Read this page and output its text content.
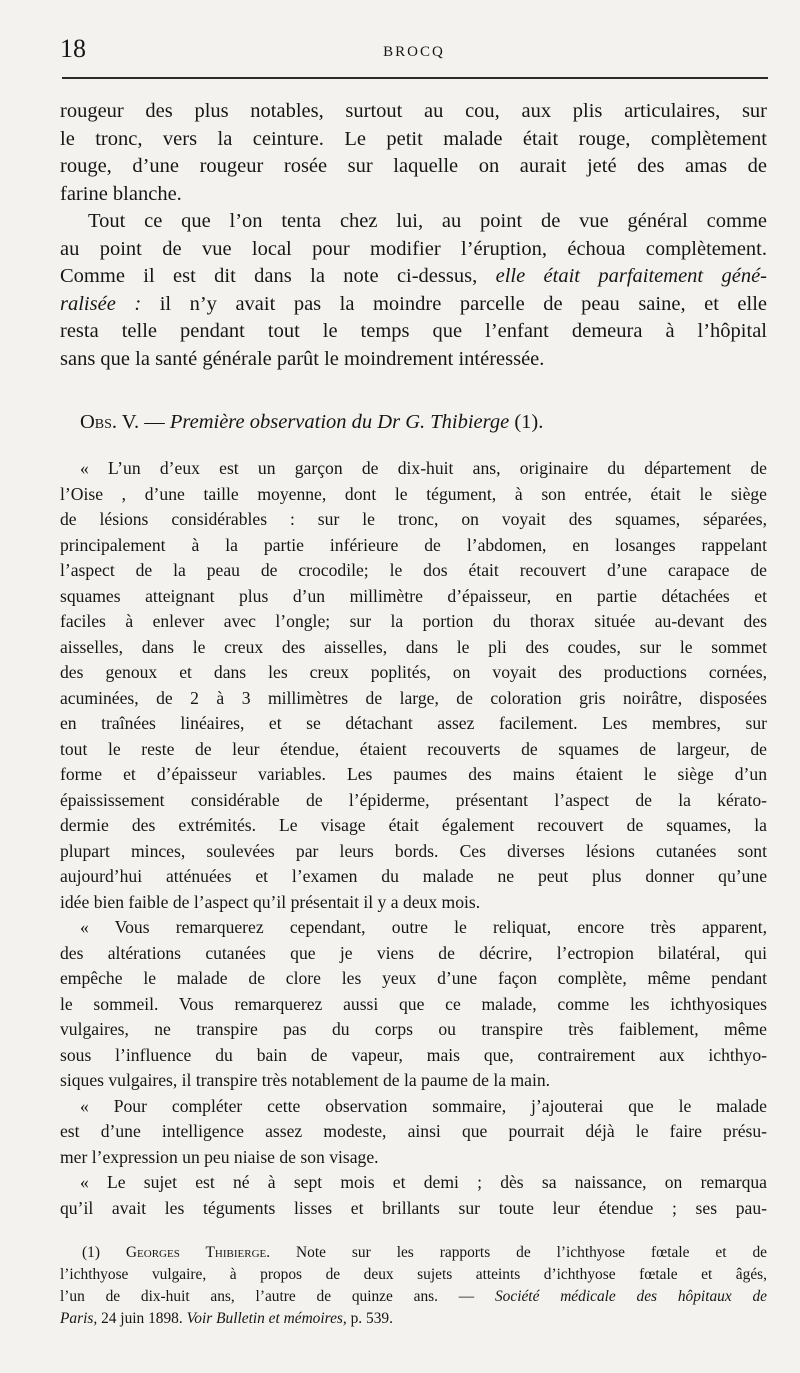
18	BROCQ
rougeur des plus notables, surtout au cou, aux plis articulaires, sur
le tronc, vers la ceinture. Le petit malade était rouge, complètement
rouge, d’une rougeur rosée sur laquelle on aurait jeté des amas de
farine blanche.
Tout ce que l’on tenta chez lui, au point de vue général comme
au point de vue local pour modifier l’éruption, échoua complètement.
Comme il est dit dans la note ci-dessus, elle était parfaitement géné-
ralisée : il n’y avait pas la moindre parcelle de peau saine, et elle
resta telle pendant tout le temps que l’enfant demeura à l’hôpital
sans que la santé générale parût le moindrement intéressée.
Obs. V. — Première observation du Dr G. Thibierge (1).
« L’un d’eux est un garçon de dix-huit ans, originaire du département de
l’Oise , d’une taille moyenne, dont le tégument, à son entrée, était le siège
de lésions considérables : sur le tronc, on voyait des squames, séparées,
principalement à la partie inférieure de l’abdomen, en losanges rappelant
l’aspect de la peau de crocodile; le dos était recouvert d’une carapace de
squames atteignant plus d’un millimètre d’épaisseur, en partie détachées et
faciles à enlever avec l’ongle; sur la portion du thorax située au-devant des
aisselles, dans le creux des aisselles, dans le pli des coudes, sur le sommet
des genoux et dans les creux poplités, on voyait des productions cornées,
acuminées, de 2 à 3 millimètres de large, de coloration gris noirâtre, disposées
en traînées linéaires, et se détachant assez facilement. Les membres, sur
tout le reste de leur étendue, étaient recouverts de squames de largeur, de
forme et d’épaisseur variables. Les paumes des mains étaient le siège d’un
épaississement considérable de l’épiderme, présentant l’aspect de la kérato-
dermie des extrémités. Le visage était également recouvert de squames, la
plupart minces, soulevées par leurs bords. Ces diverses lésions cutanées sont
aujourd’hui atténuées et l’examen du malade ne peut plus donner qu’une
idée bien faible de l’aspect qu’il présentait il y a deux mois.
« Vous remarquerez cependant, outre le reliquat, encore très apparent,
des altérations cutanées que je viens de décrire, l’ectropion bilatéral, qui
empêche le malade de clore les yeux d’une façon complète, même pendant
le sommeil. Vous remarquerez aussi que ce malade, comme les ichthyosiques
vulgaires, ne transpire pas du corps ou transpire très faiblement, même
sous l’influence du bain de vapeur, mais que, contrairement aux ichthyo-
siques vulgaires, il transpire très notablement de la paume de la main.
« Pour compléter cette observation sommaire, j’ajouterai que le malade
est d’une intelligence assez modeste, ainsi que pourrait déjà le faire présu-
mer l’expression un peu niaise de son visage.
« Le sujet est né à sept mois et demi ; dès sa naissance, on remarqua
qu’il avait les téguments lisses et brillants sur toute leur étendue ; ses pau-
(1) Georges Thibierge. Note sur les rapports de l’ichthyose fœtale et de
l’ichthyose vulgaire, à propos de deux sujets atteints d’ichthyose fœtale et âgés,
l’un de dix-huit ans, l’autre de quinze ans. — Société médicale des hôpitaux de
Paris, 24 juin 1898. Voir Bulletin et mémoires, p. 539.
